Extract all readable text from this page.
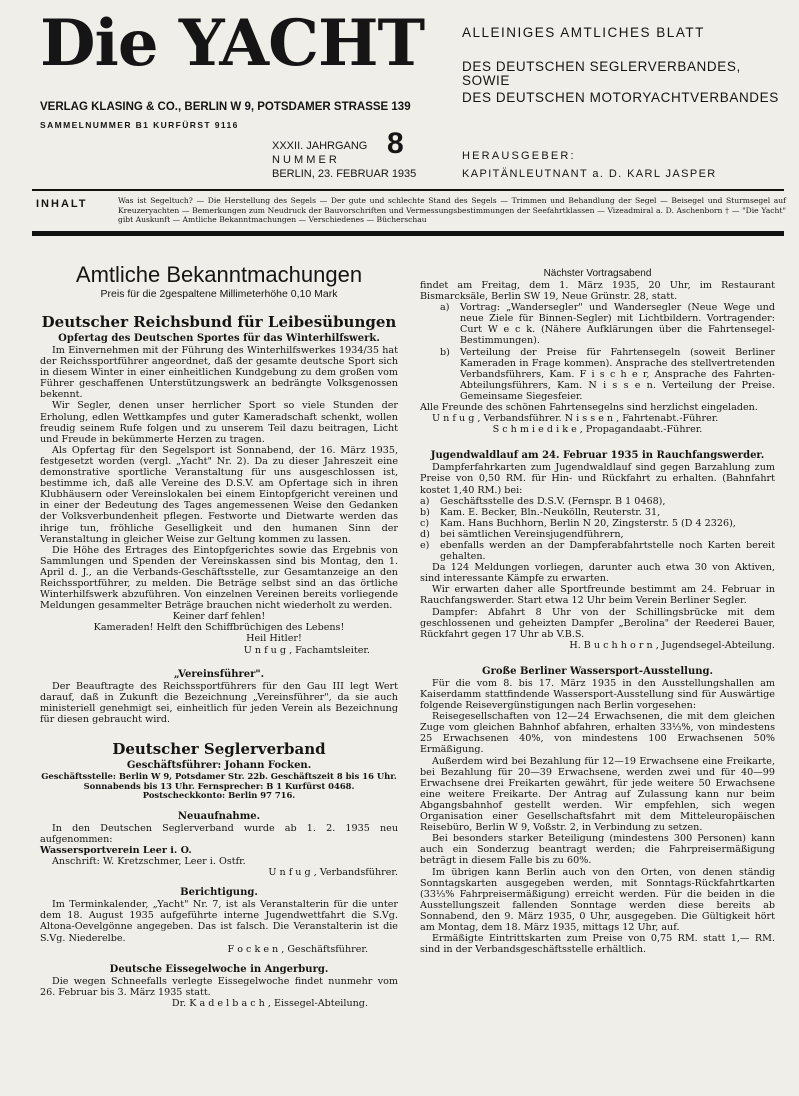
Die YACHT	ALLEINIGES AMTLICHES BLATT
DES DEUTSCHEN SEGLERVERBANDES, SOWIE
DES DEUTSCHEN MOTORYACHTVERBANDES
VERLAG KLASING & CO., BERLIN W 9, POTSDAMER STRASSE 139
SAMMELNUMMER B1 KURFÜRST 9116
XXXII. JAHRGANG
N U M M E R
BERLIN, 23. FEBRUAR 1935
8	HERAUSGEBER:
KAPITÄNLEUTNANT a. D. KARL JASPER
INHALT	Was ist Segeltuch? — Die Herstellung des Segels — Der gute und schlechte Stand des Segels — Trimmen und Behandlung der Segel — Beisegel und Sturmsegel auf Kreuzeryachten — Bemerkungen zum Neudruck der Bauvorschriften und Vermessungsbestimmungen der Seefahrtklassen — Vizeadmiral a. D. Aschenborn † — "Die Yacht" gibt Auskunft — Amtliche Bekanntmachungen — Verschiedenes — Bücherschau
Amtliche Bekanntmachungen
Preis für die 2gespaltene Millimeterhöhe 0,10 Mark
Deutscher Reichsbund für Leibesübungen
Opfertag des Deutschen Sportes für das Winterhilfswerk.

Im Einvernehmen mit der Führung des Winterhilfswerkes 1934/35 hat der Reichssportführer angeordnet, daß der gesamte deutsche Sport sich in diesem Winter in einer einheitlichen Kundgebung zu dem großen vom Führer geschaffenen Unterstützungswerk an bedrängte Volksgenossen bekennt.

Wir Segler, denen unser herrlicher Sport so viele Stunden der Erholung, edlen Wettkampfes und guter Kameradschaft schenkt, wollen freudig seinem Rufe folgen und zu unserem Teil dazu beitragen, Licht und Freude in bekümmerte Herzen zu tragen.

Als Opfertag für den Segelsport ist Sonnabend, der 16. März 1935, festgesetzt worden (vergl. „Yacht" Nr. 2). Da zu dieser Jahreszeit eine demonstrative sportliche Veranstaltung für uns ausgeschlossen ist, bestimme ich, daß alle Vereine des D.S.V. am Opfertage sich in ihren Klubhäusern oder Vereinslokalen bei einem Eintopfgericht vereinen und in einer der Bedeutung des Tages angemessenen Weise den Gedanken der Volksverbundenheit pflegen. Festworte und Dietwarte werden das ihrige tun, fröhliche Geselligkeit und den humanen Sinn der Veranstaltung in gleicher Weise zur Geltung kommen zu lassen.

Die Höhe des Ertrages des Eintopfgerichtes sowie das Ergebnis von Sammlungen und Spenden der Vereinskassen sind bis Montag, den 1. April d. J., an die Verbands-Geschäftsstelle, zur Gesamtanzeige an den Reichssportführer, zu melden. Die Beträge selbst sind an das örtliche Winterhilfswerk abzuführen. Von einzelnen Vereinen bereits vorliegende Meldungen gesammelter Beträge brauchen nicht wiederholt zu werden.

Keiner darf fehlen!

Kameraden! Helft den Schiffbrüchigen des Lebens!

Heil Hitler!

U n f u g , Fachamtsleiter.

„Vereinsführer".

Der Beauftragte des Reichssportführers für den Gau III legt Wert darauf, daß in Zukunft die Bezeichnung „Vereinsführer", da sie auch ministeriell genehmigt sei, einheitlich für jeden Verein als Bezeichnung für diesen gebraucht wird.

Deutscher Seglerverband
Geschäftsführer: Johann Focken.
Geschäftsstelle: Berlin W 9, Potsdamer Str. 22b. Geschäftszeit 8 bis 16 Uhr.
Sonnabends bis 13 Uhr. Fernsprecher: B 1 Kurfürst 0468.
Postscheckkonto: Berlin 97 716.
Neuaufnahme.

In den Deutschen Seglerverband wurde ab 1. 2. 1935 neu aufgenommen:

Wassersportverein Leer i. O.

Anschrift: W. Kretzschmer, Leer i. Ostfr.

U n f u g , Verbandsführer.

Berichtigung.

Im Terminkalender, „Yacht" Nr. 7, ist als Veranstalterin für die unter dem 18. August 1935 aufgeführte interne Jugendwettfahrt die S.Vg. Altona-Oevelgönne angegeben. Das ist falsch. Die Veranstalterin ist die S.Vg. Niederelbe.

F o c k e n , Geschäftsführer.

Deutsche Eissegelwoche in Angerburg.

Die wegen Schneefalls verlegte Eissegelwoche findet nunmehr vom 26. Februar bis 3. März 1935 statt.

Dr. K a d e l b a c h , Eissegel-Abteilung.

Nächster Vortragsabend

findet am Freitag, dem 1. März 1935, 20 Uhr, im Restaurant Bismarcksäle, Berlin SW 19, Neue Grünstr. 28, statt.

a)	Vortrag: „Wandersegler" und Wandersegler (Neue Wege und neue Ziele für Binnen-Segler) mit Lichtbildern. Vortragender: Curt W e c k. (Nähere Aufklärungen über die Fahrtensegel-Bestimmungen).
b)	Verteilung der Preise für Fahrtensegeln (soweit Berliner Kameraden in Frage kommen). Ansprache des stellvertretenden Verbandsführers, Kam. F i s c h e r, Ansprache des Fahrten-Abteilungsführers, Kam. N i s s e n. Verteilung der Preise. Gemeinsame Siegesfeier.

Alle Freunde des schönen Fahrtensegelns sind herzlichst eingeladen.

U n f u g , Verbandsführer. N i s s e n , Fahrtenabt.-Führer.

S c h m i e d i k e , Propagandaabt.-Führer.

Jugendwaldlauf am 24. Februar 1935 in Rauchfangswerder.

Dampferfahrkarten zum Jugendwaldlauf sind gegen Barzahlung zum Preise von 0,50 RM. für Hin- und Rückfahrt zu erhalten. (Bahnfahrt kostet 1,40 RM.) bei:

a)	Geschäftsstelle des D.S.V. (Fernspr. B 1 0468),
b)	Kam. E. Becker, Bln.-Neukölln, Reuterstr. 31,
c)	Kam. Hans Buchhorn, Berlin N 20, Zingsterstr. 5 (D 4 2326),
d)	bei sämtlichen Vereinsjugendführern,
e)	ebenfalls werden an der Dampferabfahrtstelle noch Karten bereit gehalten.

Da 124 Meldungen vorliegen, darunter auch etwa 30 von Aktiven, sind interessante Kämpfe zu erwarten.

Wir erwarten daher alle Sportfreunde bestimmt am 24. Februar in Rauchfangswerder. Start etwa 12 Uhr beim Verein Berliner Segler.

Dampfer: Abfahrt 8 Uhr von der Schillingsbrücke mit dem geschlossenen und geheizten Dampfer „Berolina" der Reederei Bauer, Rückfahrt gegen 17 Uhr ab V.B.S.

H. B u c h h o r n , Jugendsegel-Abteilung.

Große Berliner Wassersport-Ausstellung.

Für die vom 8. bis 17. März 1935 in den Ausstellungshallen am Kaiserdamm stattfindende Wassersport-Ausstellung sind für Auswärtige folgende Reisevergünstigungen nach Berlin vorgesehen:

Reisegesellschaften von 12—24 Erwachsenen, die mit dem gleichen Zuge vom gleichen Bahnhof abfahren, erhalten 33⅓%, von mindestens 25 Erwachsenen 40%, von mindestens 100 Erwachsenen 50% Ermäßigung.

Außerdem wird bei Bezahlung für 12—19 Erwachsene eine Freikarte, bei Bezahlung für 20—39 Erwachsene, werden zwei und für 40—99 Erwachsene drei Freikarten gewährt, für jede weitere 50 Erwachsene eine weitere Freikarte. Der Antrag auf Zulassung kann nur beim Abgangsbahnhof gestellt werden. Wir empfehlen, sich wegen Organisation einer Gesellschaftsfahrt mit dem Mitteleuropäischen Reisebüro, Berlin W 9, Voßstr. 2, in Verbindung zu setzen.

Bei besonders starker Beteiligung (mindestens 300 Personen) kann auch ein Sonderzug beantragt werden; die Fahrpreisermäßigung beträgt in diesem Falle bis zu 60%.

Im übrigen kann Berlin auch von den Orten, von denen ständig Sonntagskarten ausgegeben werden, mit Sonntags-Rückfahrtkarten (33⅓% Fahrpreisermäßigung) erreicht werden. Für die beiden in die Ausstellungszeit fallenden Sonntage werden diese bereits ab Sonnabend, den 9. März 1935, 0 Uhr, ausgegeben. Die Gültigkeit hört am Montag, dem 18. März 1935, mittags 12 Uhr, auf.

Ermäßigte Eintrittskarten zum Preise von 0,75 RM. statt 1,— RM. sind in der Verbandsgeschäftsstelle erhältlich.
